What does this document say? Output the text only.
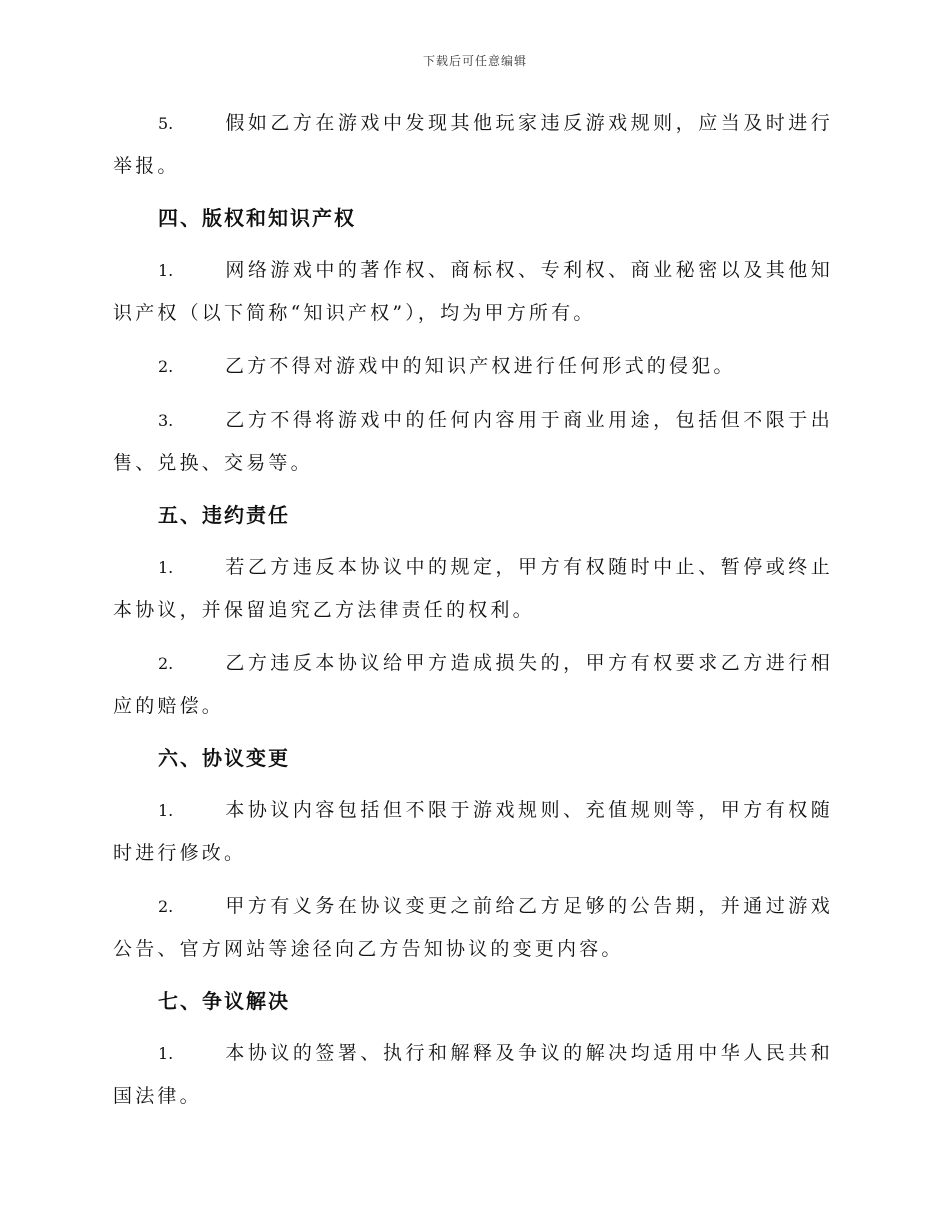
下载后可任意编辑

5.	假如乙方在游戏中发现其他玩家违反游戏规则，应当及时进行举报。

四、版权和知识产权

1.	网络游戏中的著作权、商标权、专利权、商业秘密以及其他知识产权（以下简称“知识产权”），均为甲方所有。

2.	乙方不得对游戏中的知识产权进行任何形式的侵犯。

3.	乙方不得将游戏中的任何内容用于商业用途，包括但不限于出售、兑换、交易等。

五、违约责任

1.	若乙方违反本协议中的规定，甲方有权随时中止、暂停或终止本协议，并保留追究乙方法律责任的权利。

2.	乙方违反本协议给甲方造成损失的，甲方有权要求乙方进行相应的赔偿。

六、协议变更

1.	本协议内容包括但不限于游戏规则、充值规则等，甲方有权随时进行修改。

2.	甲方有义务在协议变更之前给乙方足够的公告期，并通过游戏公告、官方网站等途径向乙方告知协议的变更内容。

七、争议解决

1.	本协议的签署、执行和解释及争议的解决均适用中华人民共和国法律。
